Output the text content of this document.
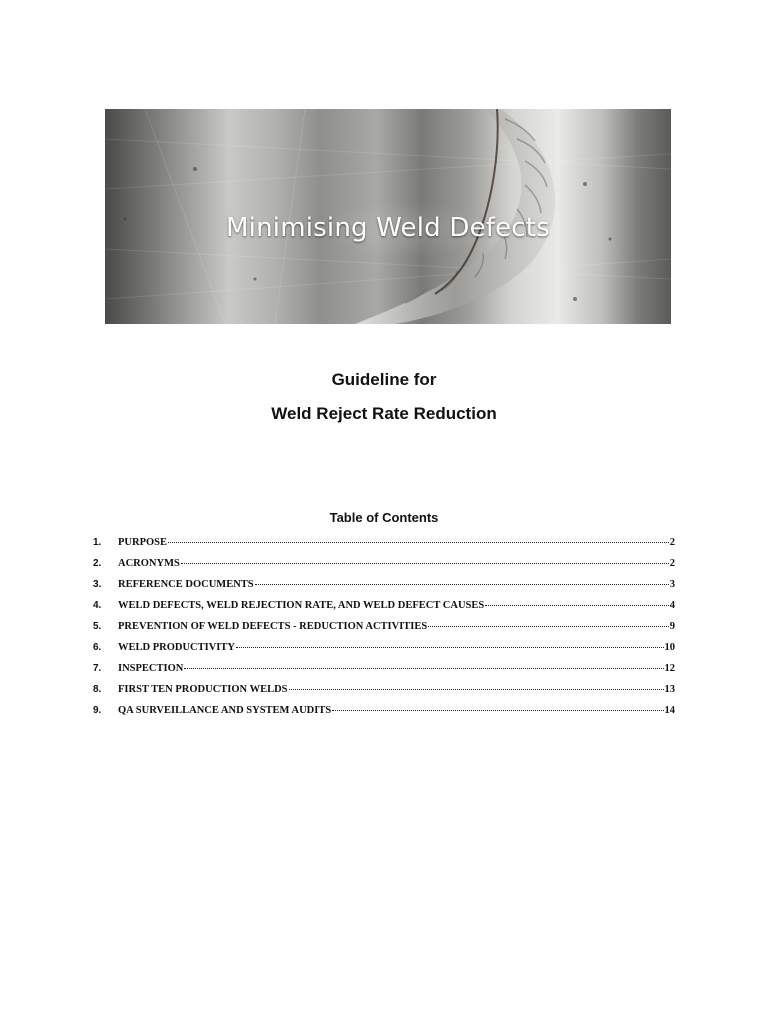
Minimising Weld Defects
Guideline for
Weld Reject Rate Reduction
Table of Contents
1.	PURPOSE	2
2.	ACRONYMS	2
3.	REFERENCE DOCUMENTS	3
4.	WELD DEFECTS, WELD REJECTION RATE, AND WELD DEFECT CAUSES	4
5.	PREVENTION OF WELD DEFECTS - REDUCTION ACTIVITIES	9
6.	WELD PRODUCTIVITY	10
7.	INSPECTION	12
8.	FIRST TEN PRODUCTION WELDS	13
9.	QA SURVEILLANCE AND SYSTEM AUDITS	14
